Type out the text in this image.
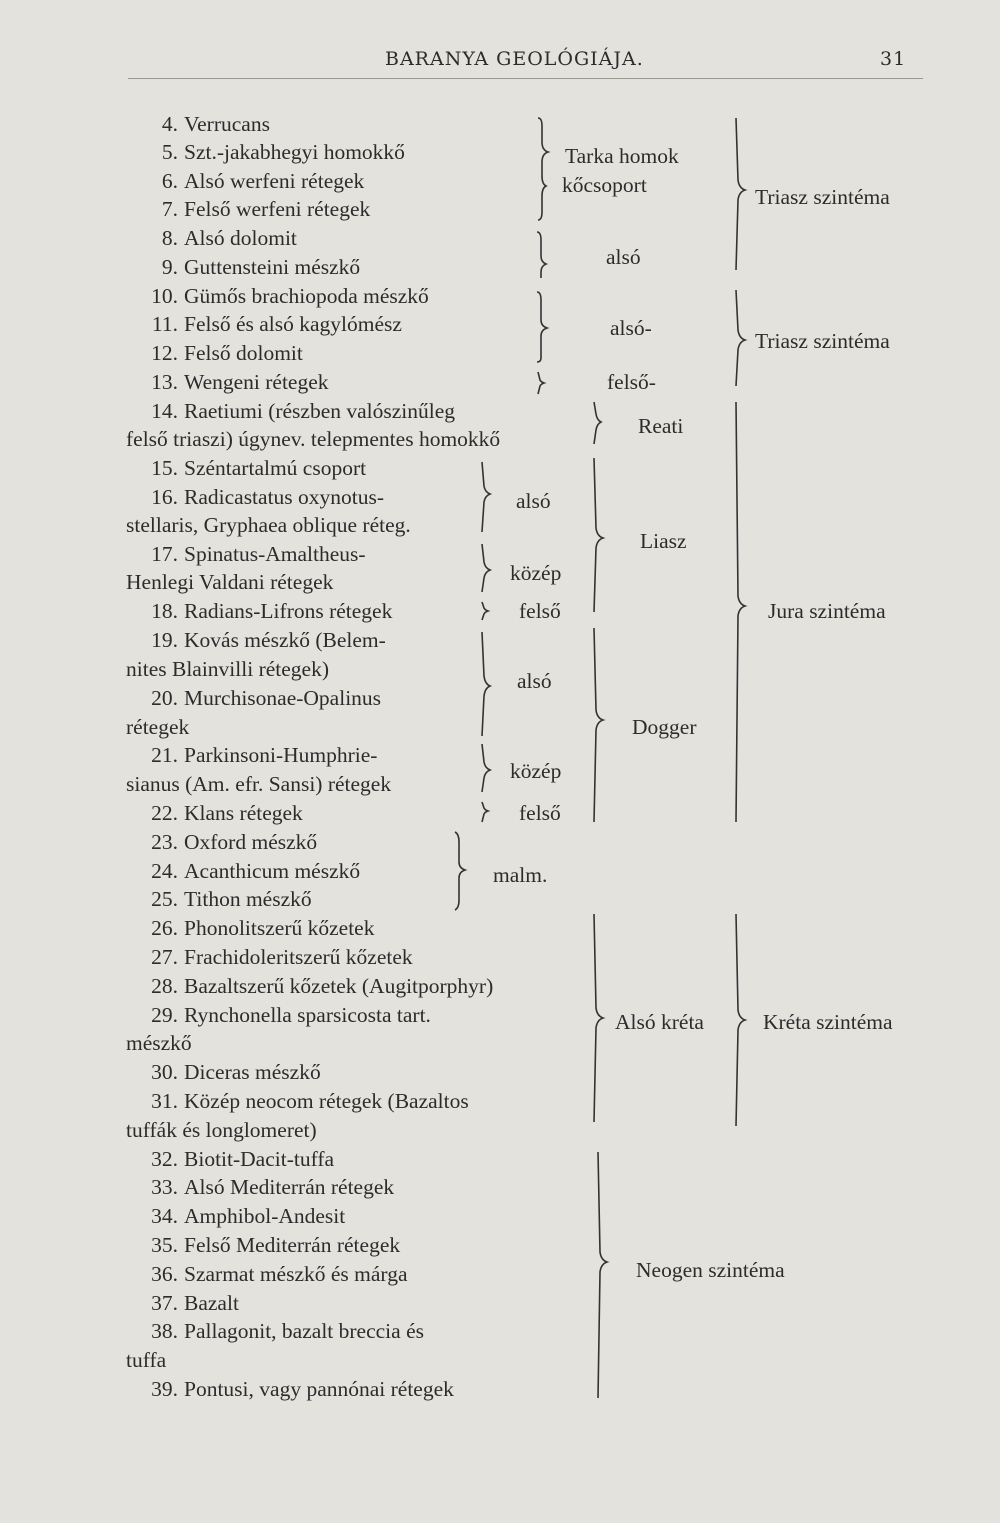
BARANYA GEOLÓGIÁJA.	31
4. Verrucans
5. Szt.-jakabhegyi homokkő
6. Alsó werfeni rétegek
7. Felső werfeni rétegek
8. Alsó dolomit
9. Guttensteini mészkő
10. Gümős brachiopoda mészkő
11. Felső és alsó kagylómész
12. Felső dolomit
13. Wengeni rétegek
14. Raetiumi (részben valószinűleg
felső triaszi) úgynev. telepmentes homokkő
15. Széntartalmú csoport
16. Radicastatus oxynotus-
stellaris, Gryphaea oblique réteg.
17. Spinatus-Amaltheus-
Henlegi Valdani rétegek
18. Radians-Lifrons rétegek
19. Kovás mészkő (Belem-
nites Blainvilli rétegek)
20. Murchisonae-Opalinus
rétegek
21. Parkinsoni-Humphrie-
sianus (Am. efr. Sansi) rétegek
22. Klans rétegek
23. Oxford mészkő
24. Acanthicum mészkő
25. Tithon mészkő
26. Phonolitszerű kőzetek
27. Frachidoleritszerű kőzetek
28. Bazaltszerű kőzetek (Augitporphyr)
29. Rynchonella sparsicosta tart.
mészkő
30. Diceras mészkő
31. Közép neocom rétegek (Bazaltos
tuffák és longlomeret)
32. Biotit-Dacit-tuffa
33. Alsó Mediterrán rétegek
34. Amphibol-Andesit
35. Felső Mediterrán rétegek
36. Szarmat mészkő és márga
37. Bazalt
38. Pallagonit, bazalt breccia és
tuffa
39. Pontusi, vagy pannónai rétegek
Tarka homok
kőcsoport
alsó
alsó-
felső-
Reati
alsó
közép
felső
Liasz
alsó
közép
felső
Dogger
malm.
Alsó kréta
Triasz szintéma
Triasz szintéma
Jura szintéma
Kréta szintéma
Neogen szintéma
